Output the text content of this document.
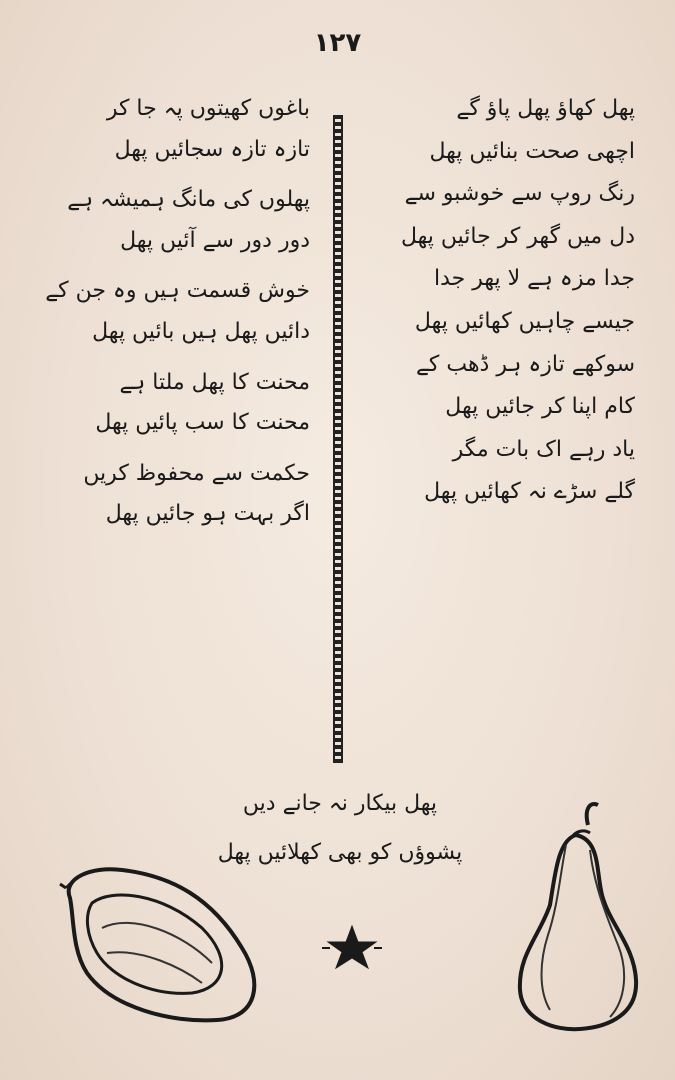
١٢٧
پھل کھاؤ پھل پاؤ گے
اچھی صحت بنائیں پھل
رنگ روپ سے خوشبو سے
دل میں گھر کر جائیں پھل
جدا مزہ ہے لا پھر جدا
جیسے چاہیں کھائیں پھل
سوکھے تازہ ہر ڈھب کے
کام اپنا کر جائیں پھل
یاد رہے اک بات مگر
گلے سڑے نہ کھائیں پھل
باغوں کھیتوں پہ جا کر
تازہ تازہ سجائیں پھل
پھلوں کی مانگ ہمیشہ ہے
دور دور سے آئیں پھل
خوش قسمت ہیں وہ جن کے
دائیں پھل ہیں بائیں پھل
محنت کا پھل ملتا ہے
محنت کا سب پائیں پھل
حکمت سے محفوظ کریں
اگر بہت ہو جائیں پھل
پھل بیکار نہ جانے دیں
پشوؤں کو بھی کھلائیں پھل
